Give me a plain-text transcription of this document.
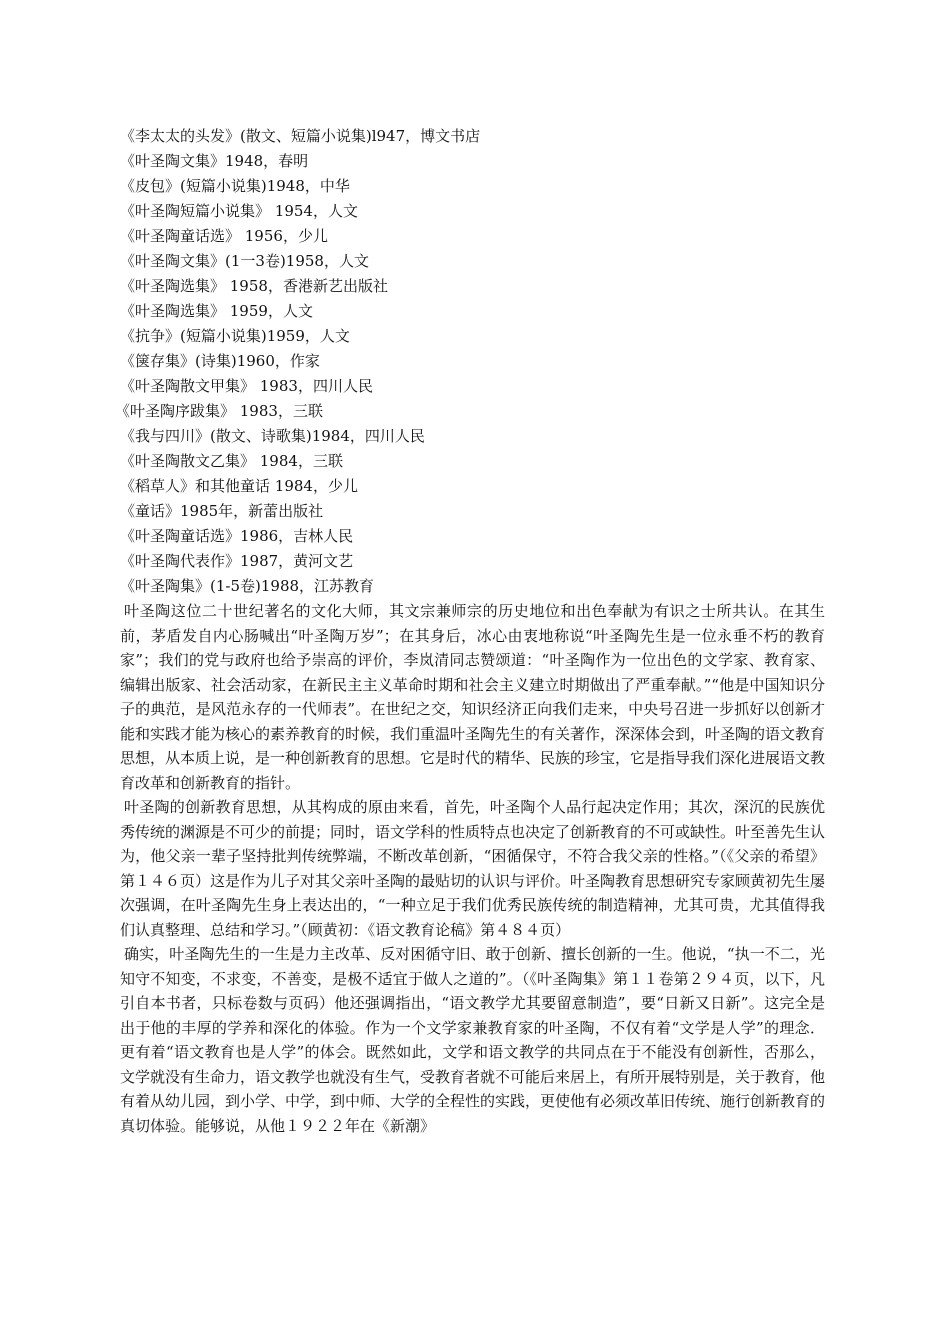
《李太太的头发》(散文、短篇小说集)l947，博文书店
《叶圣陶文集》1948，春明
《皮包》(短篇小说集)1948，中华
《叶圣陶短篇小说集》 1954，人文
《叶圣陶童话选》 1956，少儿
《叶圣陶文集》(1一3卷)1958，人文
《叶圣陶选集》 1958，香港新艺出版社
《叶圣陶选集》 1959，人文
《抗争》(短篇小说集)1959，人文
《箧存集》(诗集)1960，作家
《叶圣陶散文甲集》 1983，四川人民
《叶圣陶序跋集》 1983，三联
《我与四川》(散文、诗歌集)1984，四川人民
《叶圣陶散文乙集》 1984，三联
《稻草人》和其他童话 1984，少儿
《童话》1985年，新蕾出版社
《叶圣陶童话选》1986，吉林人民
《叶圣陶代表作》1987，黄河文艺
《叶圣陶集》(1-5卷)1988，江苏教育

叶圣陶这位二十世纪著名的文化大师，其文宗兼师宗的历史地位和出色奉献为有识之士所共认。在其生前，茅盾发自内心肠喊出“叶圣陶万岁”；在其身后，冰心由衷地称说“叶圣陶先生是一位永垂不朽的教育家”；我们的党与政府也给予崇高的评价，李岚清同志赞颂道：“叶圣陶作为一位出色的文学家、教育家、编辑出版家、社会活动家，在新民主主义革命时期和社会主义建立时期做出了严重奉献。”“他是中国知识分子的典范，是风范永存的一代师表”。在世纪之交，知识经济正向我们走来，中央号召进一步抓好以创新才能和实践才能为核心的素养教育的时候，我们重温叶圣陶先生的有关著作，深深体会到，叶圣陶的语文教育思想，从本质上说，是一种创新教育的思想。它是时代的精华、民族的珍宝，它是指导我们深化进展语文教育改革和创新教育的指针。

叶圣陶的创新教育思想，从其构成的原由来看，首先，叶圣陶个人品行起决定作用；其次，深沉的民族优秀传统的渊源是不可少的前提；同时，语文学科的性质特点也决定了创新教育的不可或缺性。叶至善先生认为，他父亲一辈子坚持批判传统弊端，不断改革创新，“困循保守，不符合我父亲的性格。”（《父亲的希望》第１４６页）这是作为儿子对其父亲叶圣陶的最贴切的认识与评价。叶圣陶教育思想研究专家顾黄初先生屡次强调，在叶圣陶先生身上表达出的，“一种立足于我们优秀民族传统的制造精神，尤其可贵，尤其值得我们认真整理、总结和学习。”（顾黄初：《语文教育论稿》第４８４页）

确实，叶圣陶先生的一生是力主改革、反对困循守旧、敢于创新、擅长创新的一生。他说，“执一不二，光知守不知变，不求变，不善变，是极不适宜于做人之道的”。（《叶圣陶集》第１１卷第２９４页，以下，凡引自本书者，只标卷数与页码）他还强调指出，“语文教学尤其要留意制造”，要“日新又日新”。这完全是出于他的丰厚的学养和深化的体验。作为一个文学家兼教育家的叶圣陶，不仅有着“文学是人学”的理念．更有着“语文教育也是人学”的体会。既然如此，文学和语文教学的共同点在于不能没有创新性，否那么，文学就没有生命力，语文教学也就没有生气，受教育者就不可能后来居上，有所开展特别是，关于教育，他有着从幼儿园，到小学、中学，到中师、大学的全程性的实践，更使他有必须改革旧传统、施行创新教育的真切体验。能够说，从他１９２２年在《新潮》
